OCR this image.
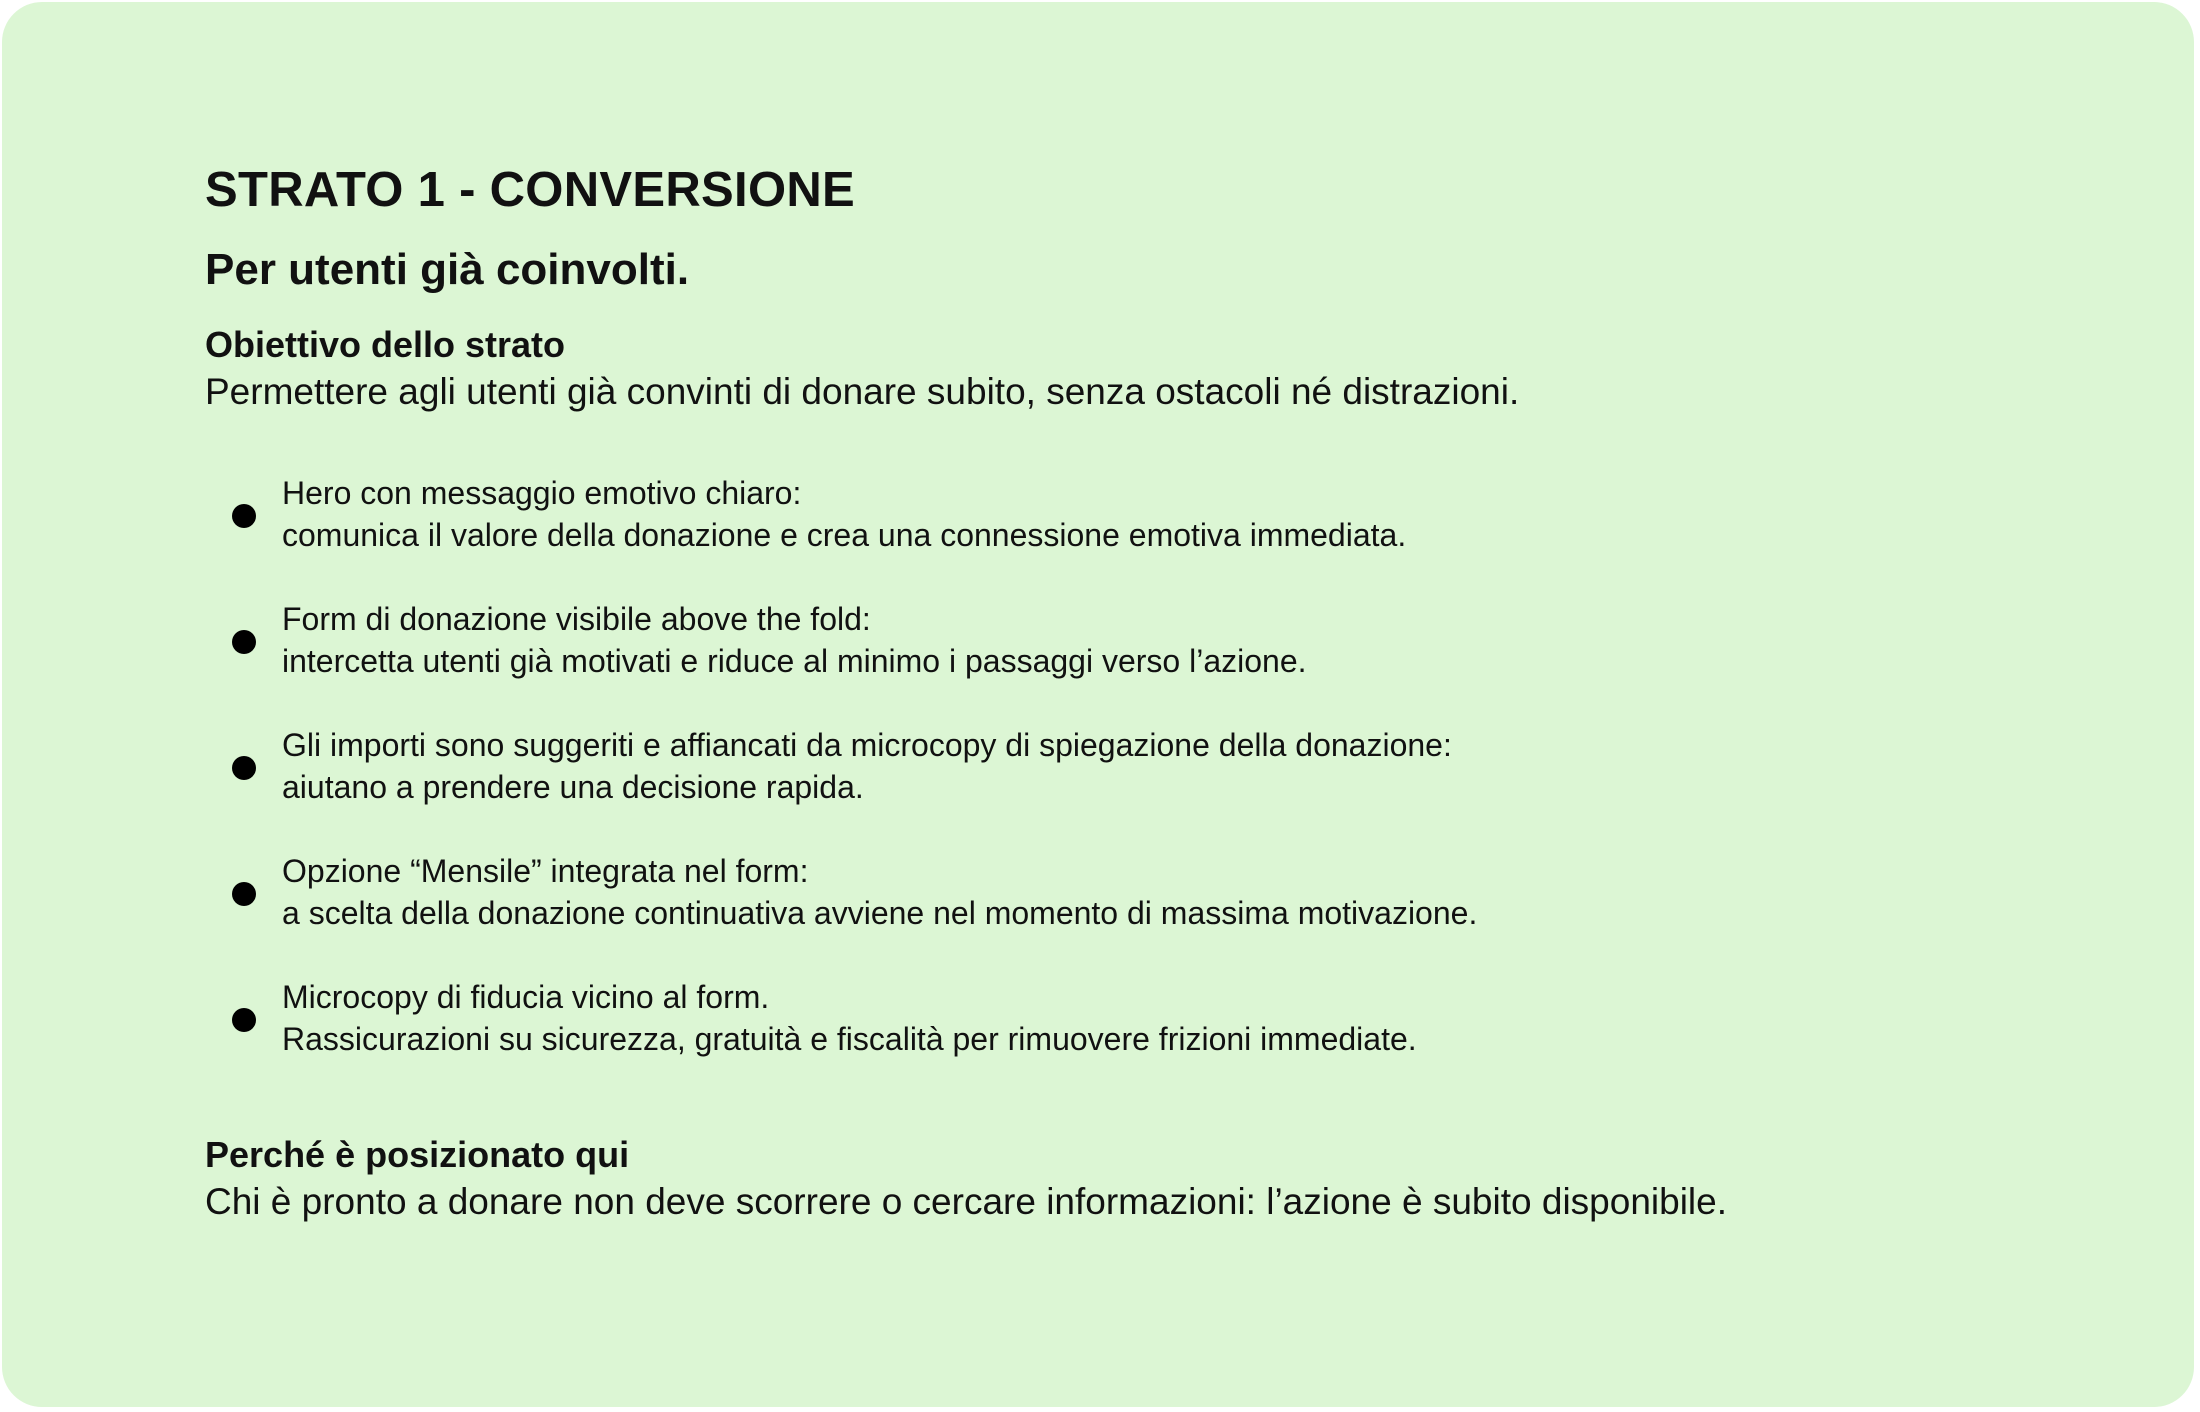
STRATO 1 - CONVERSIONE
Per utenti già coinvolti.
Obiettivo dello strato
Permettere agli utenti già convinti di donare subito, senza ostacoli né distrazioni.
Hero con messaggio emotivo chiaro:
comunica il valore della donazione e crea una connessione emotiva immediata.
Form di donazione visibile above the fold:
intercetta utenti già motivati e riduce al minimo i passaggi verso l’azione.
Gli importi sono suggeriti e affiancati da microcopy di spiegazione della donazione:
aiutano a prendere una decisione rapida.
Opzione “Mensile” integrata nel form:
a scelta della donazione continuativa avviene nel momento di massima motivazione.
Microcopy di fiducia vicino al form.
Rassicurazioni su sicurezza, gratuità e fiscalità per rimuovere frizioni immediate.
Perché è posizionato qui
Chi è pronto a donare non deve scorrere o cercare informazioni: l’azione è subito disponibile.
